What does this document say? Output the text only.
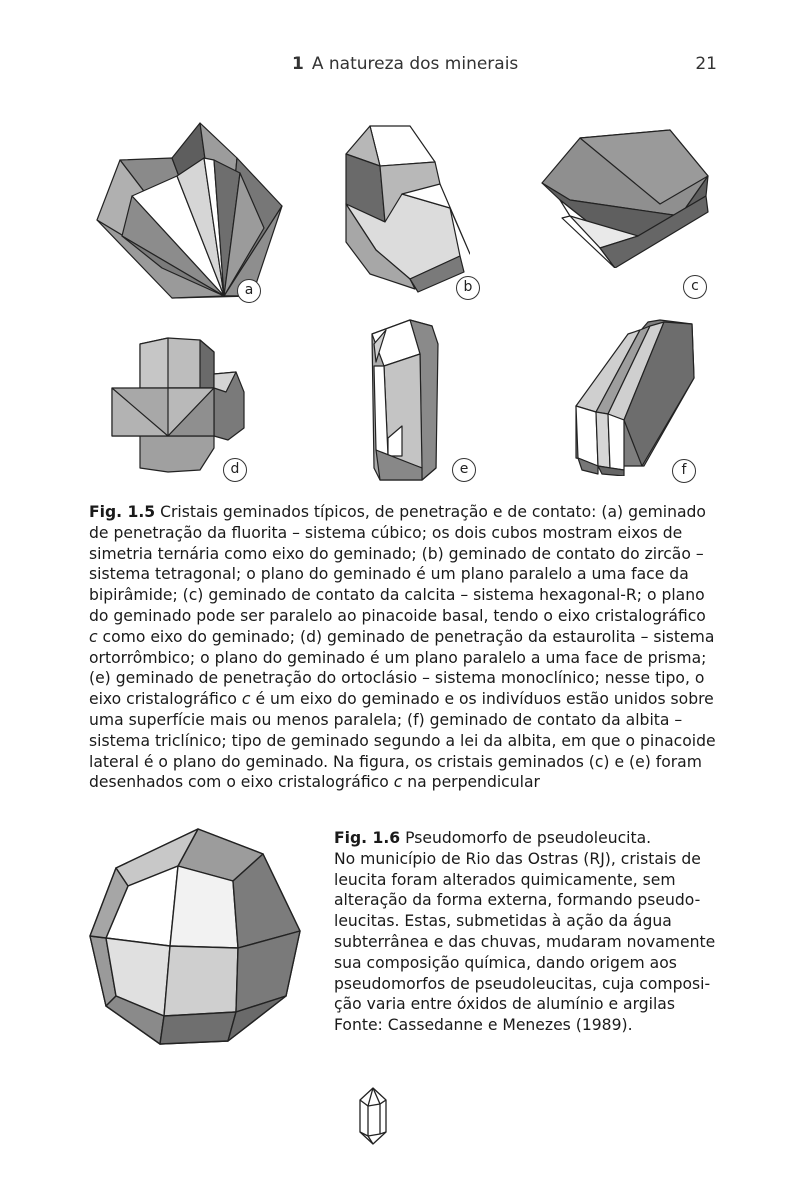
1 A natureza dos minerais	21
a	b	c
d	e	f

Fig. 1.5 Cristais geminados típicos, de penetração e de contato: (a) geminado
de penetração da fluorita – sistema cúbico; os dois cubos mostram eixos de
simetria ternária como eixo do geminado; (b) geminado de contato do zircão –
sistema tetragonal; o plano do geminado é um plano paralelo a uma face da
bipirâmide; (c) geminado de contato da calcita – sistema hexagonal-R; o plano
do geminado pode ser paralelo ao pinacoide basal, tendo o eixo cristalográfico
c como eixo do geminado; (d) geminado de penetração da estaurolita – sistema
ortorrômbico; o plano do geminado é um plano paralelo a uma face de prisma;
(e) geminado de penetração do ortoclásio – sistema monoclínico; nesse tipo, o
eixo cristalográfico c é um eixo do geminado e os indivíduos estão unidos sobre
uma superfície mais ou menos paralela; (f) geminado de contato da albita –
sistema triclínico; tipo de geminado segundo a lei da albita, em que o pinacoide
lateral é o plano do geminado. Na figura, os cristais geminados (c) e (e) foram
desenhados com o eixo cristalográfico c na perpendicular

Fig. 1.6 Pseudomorfo de pseudoleucita.
No município de Rio das Ostras (RJ), cristais de
leucita foram alterados quimicamente, sem
alteração da forma externa, formando pseudo-
leucitas. Estas, submetidas à ação da água
subterrânea e das chuvas, mudaram novamente
sua composição química, dando origem aos
pseudomorfos de pseudoleucitas, cuja composi-
ção varia entre óxidos de alumínio e argilas
Fonte: Cassedanne e Menezes (1989).
